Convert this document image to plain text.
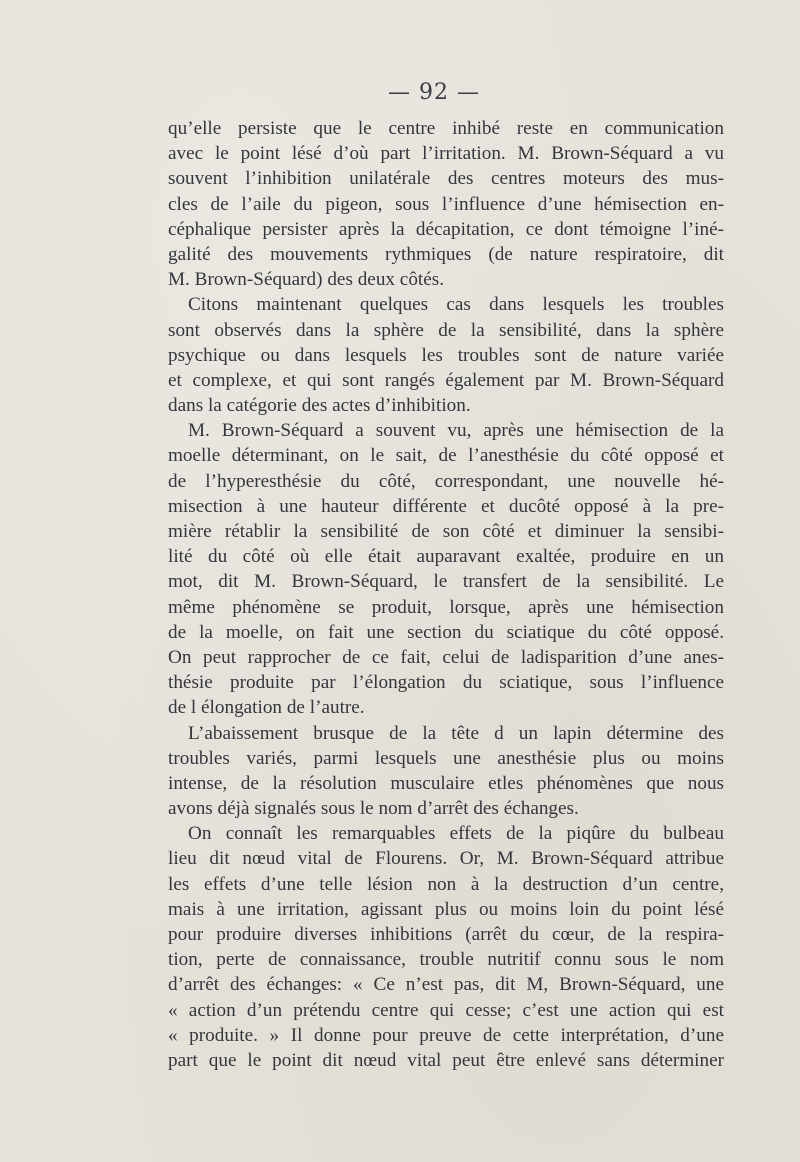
— 92 —
qu’elle persiste que le centre inhibé reste en communication
avec le point lésé d’où part l’irritation. M. Brown-Séquard a vu
souvent l’inhibition unilatérale des centres moteurs des mus-
cles de l’aile du pigeon, sous l’influence d’une hémisection en-
céphalique persister après la décapitation, ce dont témoigne l’iné-
galité des mouvements rythmiques (de nature respiratoire, dit
M. Brown-Séquard) des deux côtés.
Citons maintenant quelques cas dans lesquels les troubles
sont observés dans la sphère de la sensibilité, dans la sphère
psychique ou dans lesquels les troubles sont de nature variée
et complexe, et qui sont rangés également par M. Brown-Séquard
dans la catégorie des actes d’inhibition.
M. Brown-Séquard a souvent vu, après une hémisection de la
moelle déterminant, on le sait, de l’anesthésie du côté opposé et
de l’hyperesthésie du côté, correspondant, une nouvelle hé-
misection à une hauteur différente et ducôté opposé à la pre-
mière rétablir la sensibilité de son côté et diminuer la sensibi-
lité du côté où elle était auparavant exaltée, produire en un
mot, dit M. Brown-Séquard, le transfert de la sensibilité. Le
même phénomène se produit, lorsque, après une hémisection
de la moelle, on fait une section du sciatique du côté opposé.
On peut rapprocher de ce fait, celui de ladisparition d’une anes-
thésie produite par l’élongation du sciatique, sous l’influence
de l élongation de l’autre.
L’abaissement brusque de la tête d un lapin détermine des
troubles variés, parmi lesquels une anesthésie plus ou moins
intense, de la résolution musculaire etles phénomènes que nous
avons déjà signalés sous le nom d’arrêt des échanges.
On connaît les remarquables effets de la piqûre du bulbeau
lieu dit nœud vital de Flourens. Or, M. Brown-Séquard attribue
les effets d’une telle lésion non à la destruction d’un centre,
mais à une irritation, agissant plus ou moins loin du point lésé
pour produire diverses inhibitions (arrêt du cœur, de la respira-
tion, perte de connaissance, trouble nutritif connu sous le nom
d’arrêt des échanges: « Ce n’est pas, dit M, Brown-Séquard, une
« action d’un prétendu centre qui cesse; c’est une action qui est
« produite. » Il donne pour preuve de cette interprétation, d’une
part que le point dit nœud vital peut être enlevé sans déterminer
